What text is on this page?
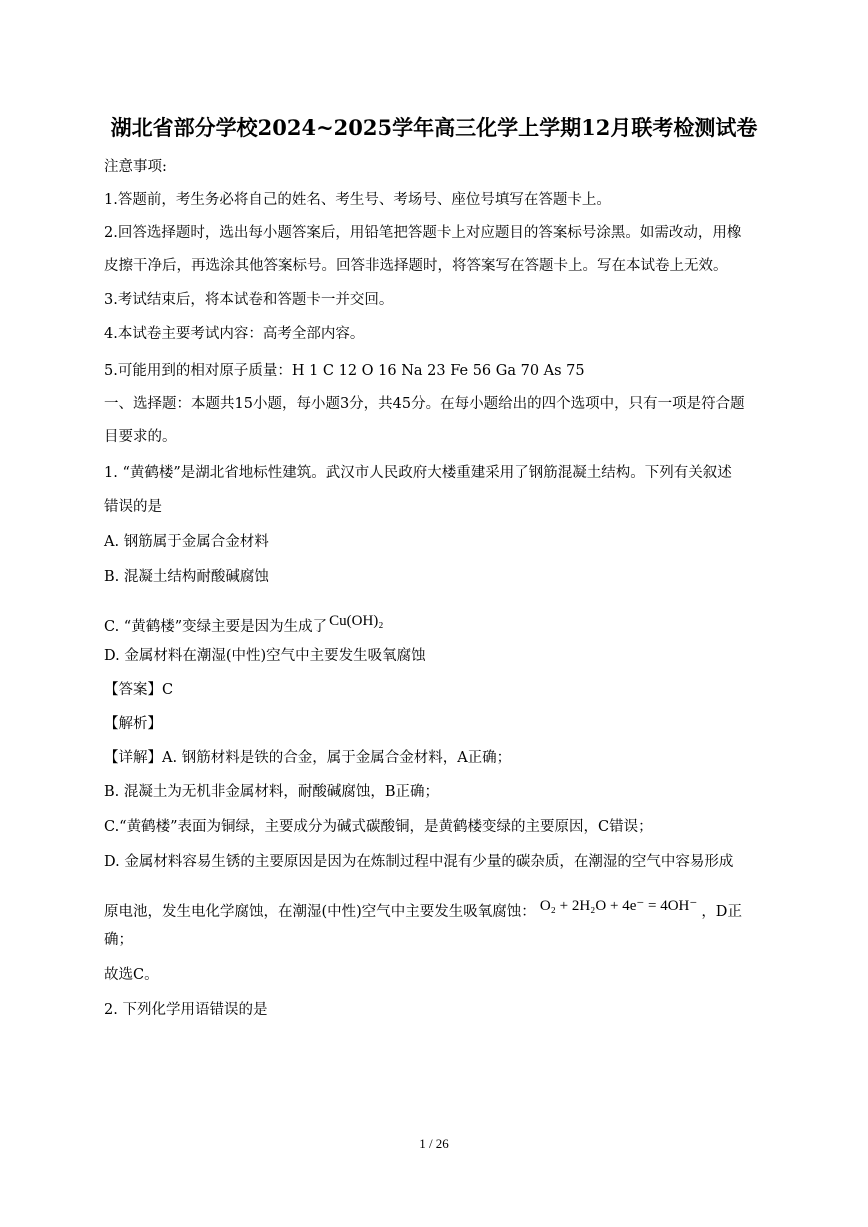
湖北省部分学校2024~2025学年高三化学上学期12月联考检测试卷
注意事项:
1.答题前，考生务必将自己的姓名、考生号、考场号、座位号填写在答题卡上。
2.回答选择题时，选出每小题答案后，用铅笔把答题卡上对应题目的答案标号涂黑。如需改动，用橡
皮擦干净后，再选涂其他答案标号。回答非选择题时，将答案写在答题卡上。写在本试卷上无效。
3.考试结束后，将本试卷和答题卡一并交回。
4.本试卷主要考试内容：高考全部内容。
5.可能用到的相对原子质量：H 1 C 12 O 16 Na 23 Fe 56 Ga 70 As 75
一、选择题：本题共15小题，每小题3分，共45分。在每小题给出的四个选项中，只有一项是符合题
目要求的。
1. “黄鹤楼”是湖北省地标性建筑。武汉市人民政府大楼重建采用了钢筋混凝土结构。下列有关叙述
错误的是
A. 钢筋属于金属合金材料
B. 混凝土结构耐酸碱腐蚀
C. “黄鹤楼”变绿主要是因为生成了 Cu(OH)₂
D. 金属材料在潮湿(中性)空气中主要发生吸氧腐蚀
【答案】C
【解析】
【详解】A. 钢筋材料是铁的合金，属于金属合金材料，A正确；
B. 混凝土为无机非金属材料，耐酸碱腐蚀，B正确；
C.“黄鹤楼”表面为铜绿，主要成分为碱式碳酸铜，是黄鹤楼变绿的主要原因，C错误；
D. 金属材料容易生锈的主要原因是因为在炼制过程中混有少量的碳杂质，在潮湿的空气中容易形成
原电池，发生电化学腐蚀，在潮湿(中性)空气中主要发生吸氧腐蚀： O₂ + 2H₂O + 4e⁻ = 4OH⁻ ，D正
确；
故选C。
2. 下列化学用语错误的是
1 / 26
